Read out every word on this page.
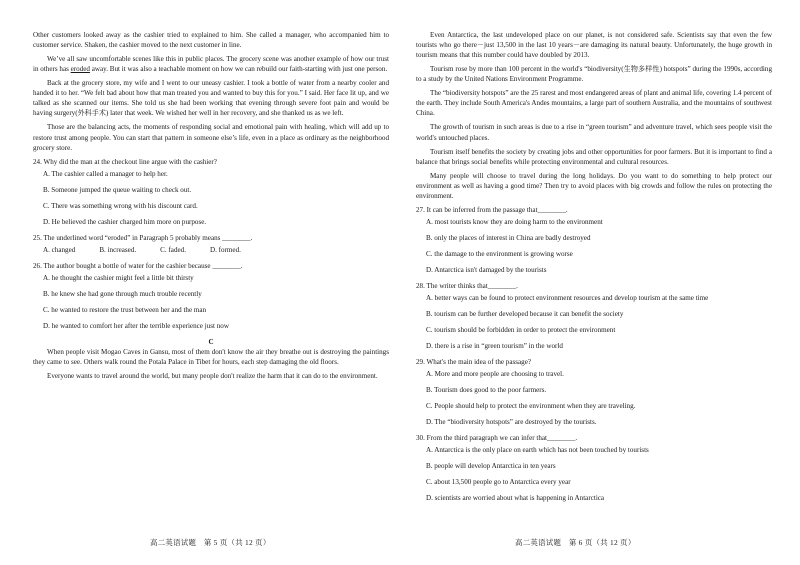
Other customers looked away as the cashier tried to explained to him. She called a manager, who accompanied him to customer service. Shaken, the cashier moved to the next customer in line.

We’ve all saw uncomfortable scenes like this in public places. The grocery scene was another example of how our trust in others has eroded away. But it was also a teachable moment on how we can rebuild our faith-starting with just one person.

Back at the grocery store, my wife and I went to our uneasy cashier. I took a bottle of water from a nearby cooler and handed it to her. “We felt bad about how that man treated you and wanted to buy this for you.” I said. Her face lit up, and we talked as she scanned our items. She told us she had been working that evening through severe foot pain and would be having surgery(外科手术) later that week. We wished her well in her recovery, and she thanked us as we left.

Those are the balancing acts, the moments of responding social and emotional pain with healing, which will add up to restore trust among people. You can start that pattern in someone else’s life, even in a place as ordinary as the neighborhood grocery store.

24. Why did the man at the checkout line argue with the cashier?
A. The cashier called a manager to help her.
B. Someone jumped the queue waiting to check out.
C. There was something wrong with his discount card.
D. He believed the cashier charged him more on purpose.
25. The underlined word “eroded” in Paragraph 5 probably means ________.
A. changed	B. increased.	C. faded.	D. formed.
26. The author bought a bottle of water for the cashier because ________.
A. he thought the cashier might feel a little bit thirsty
B. he knew she had gone through much trouble recently
C. he wanted to restore the trust between her and the man
D. he wanted to comfort her after the terrible experience just now
C

When people visit Mogao Caves in Gansu, most of them don't know the air they breathe out is destroying the paintings they came to see. Others walk round the Potala Palace in Tibet for hours, each step damaging the old floors.

Everyone wants to travel around the world, but many people don't realize the harm that it can do to the environment.

Even Antarctica, the last undeveloped place on our planet, is not considered safe. Scientists say that even the few tourists who go there－just 13,500 in the last 10 years－are damaging its natural beauty. Unfortunately, the huge growth in tourism means that this number could have doubled by 2013.

Tourism rose by more than 100 percent in the world's “biodiversity(生物多样性) hotspots” during the 1990s, according to a study by the United Nations Environment Programme.

The “biodiversity hotspots” are the 25 rarest and most endangered areas of plant and animal life, covering 1.4 percent of the earth. They include South America's Andes mountains, a large part of southern Australia, and the mountains of southwest China.

The growth of tourism in such areas is due to a rise in “green tourism” and adventure travel, which sees people visit the world's untouched places.

Tourism itself benefits the society by creating jobs and other opportunities for poor farmers. But it is important to find a balance that brings social benefits while protecting environmental and cultural resources.

Many people will choose to travel during the long holidays. Do you want to do something to help protect our environment as well as having a good time? Then try to avoid places with big crowds and follow the rules on protecting the environment.

27. It can be inferred from the passage that________.
A. most tourists know they are doing harm to the environment
B. only the places of interest in China are badly destroyed
C. the damage to the environment is growing worse
D. Antarctica isn't damaged by the tourists
28. The writer thinks that________.
A. better ways can be found to protect environment resources and develop tourism at the same time
B. tourism can be further developed because it can benefit the society
C. tourism should be forbidden in order to protect the environment
D. there is a rise in “green tourism” in the world
29. What's the main idea of the passage?
A. More and more people are choosing to travel.
B. Tourism does good to the poor farmers.
C. People should help to protect the environment when they are traveling.
D. The “biodiversity hotspots” are destroyed by the tourists.
30. From the third paragraph we can infer that________.
A. Antarctica is the only place on earth which has not been touched by tourists
B. people will develop Antarctica in ten years
C. about 13,500 people go to Antarctica every year
D. scientists are worried about what is happening in Antarctica
高二英语试题　第 5 页（共 12 页）	高二英语试题　第 6 页（共 12 页）
